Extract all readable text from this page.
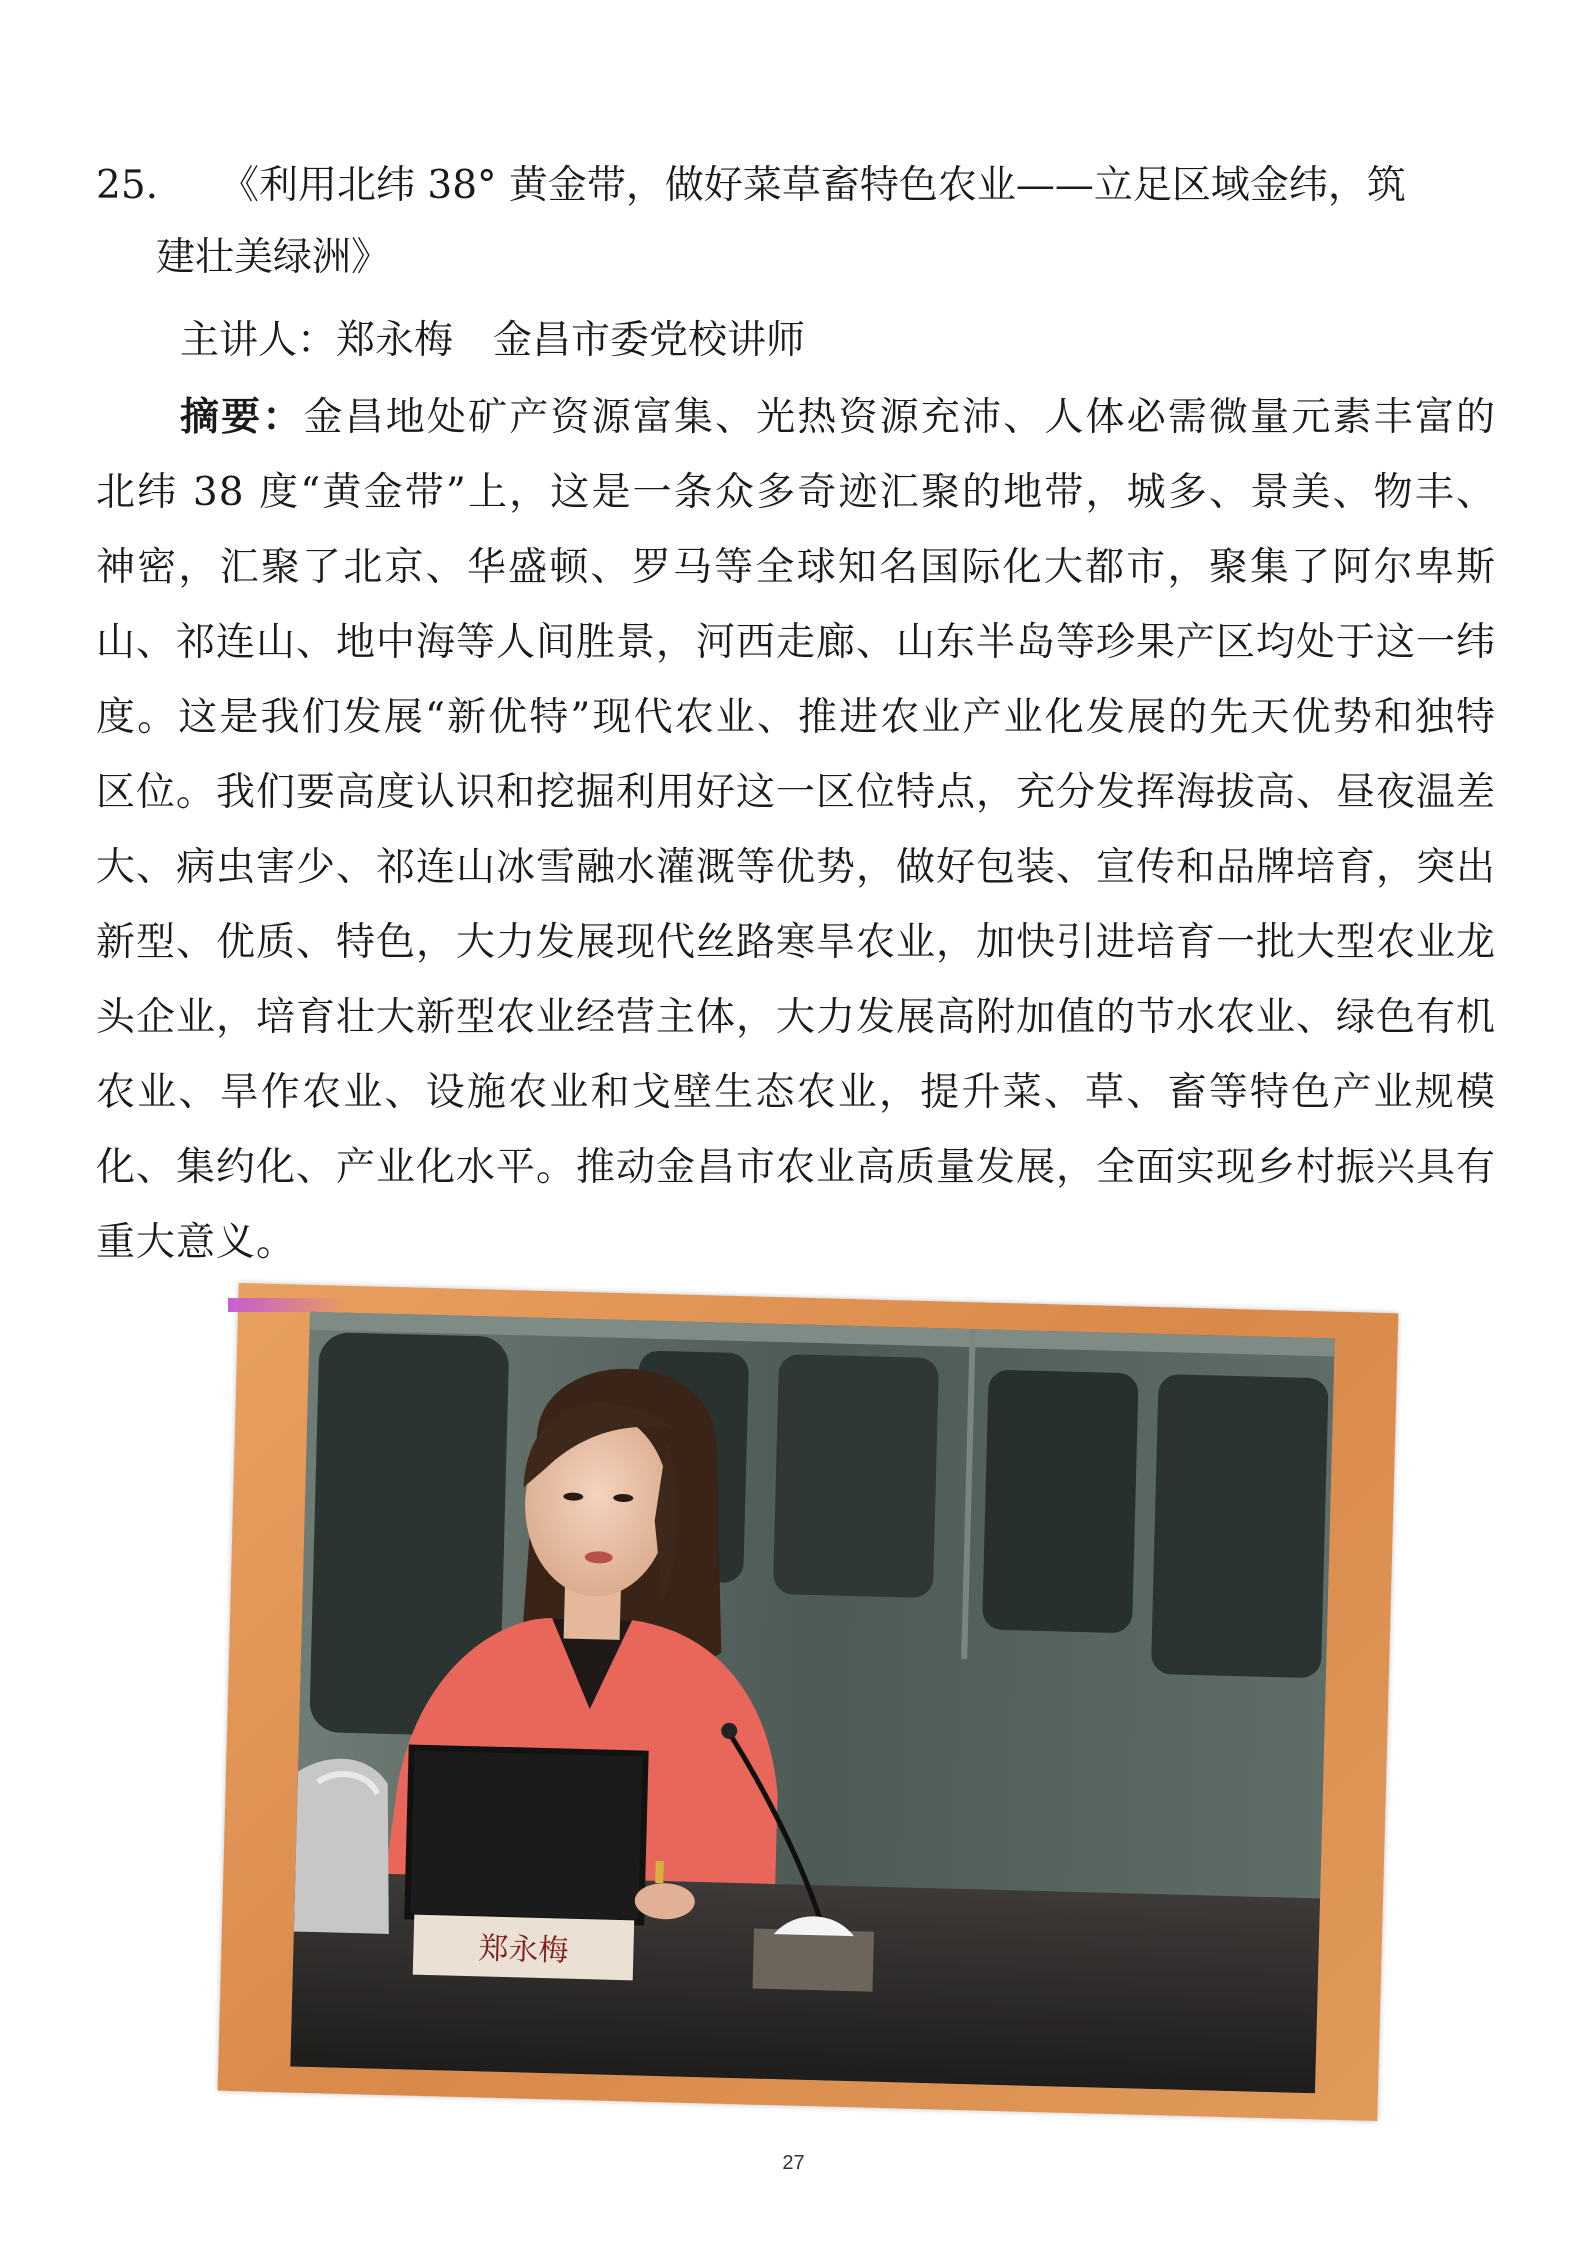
25. 《利用北纬 38° 黄金带，做好菜草畜特色农业——立足区域金纬，筑
建壮美绿洲》
主讲人：郑永梅 金昌市委党校讲师
摘要：金昌地处矿产资源富集、光热资源充沛、人体必需微量元素丰富的北纬 38 度“黄金带”上，这是一条众多奇迹汇聚的地带，城多、景美、物丰、神密，汇聚了北京、华盛顿、罗马等全球知名国际化大都市，聚集了阿尔卑斯山、祁连山、地中海等人间胜景，河西走廊、山东半岛等珍果产区均处于这一纬度。这是我们发展“新优特”现代农业、推进农业产业化发展的先天优势和独特区位。我们要高度认识和挖掘利用好这一区位特点，充分发挥海拔高、昼夜温差大、病虫害少、祁连山冰雪融水灌溉等优势，做好包装、宣传和品牌培育，突出新型、优质、特色，大力发展现代丝路寒旱农业，加快引进培育一批大型农业龙头企业，培育壮大新型农业经营主体，大力发展高附加值的节水农业、绿色有机农业、旱作农业、设施农业和戈壁生态农业，提升菜、草、畜等特色产业规模化、集约化、产业化水平。推动金昌市农业高质量发展，全面实现乡村振兴具有重大意义。
郑永梅
27
